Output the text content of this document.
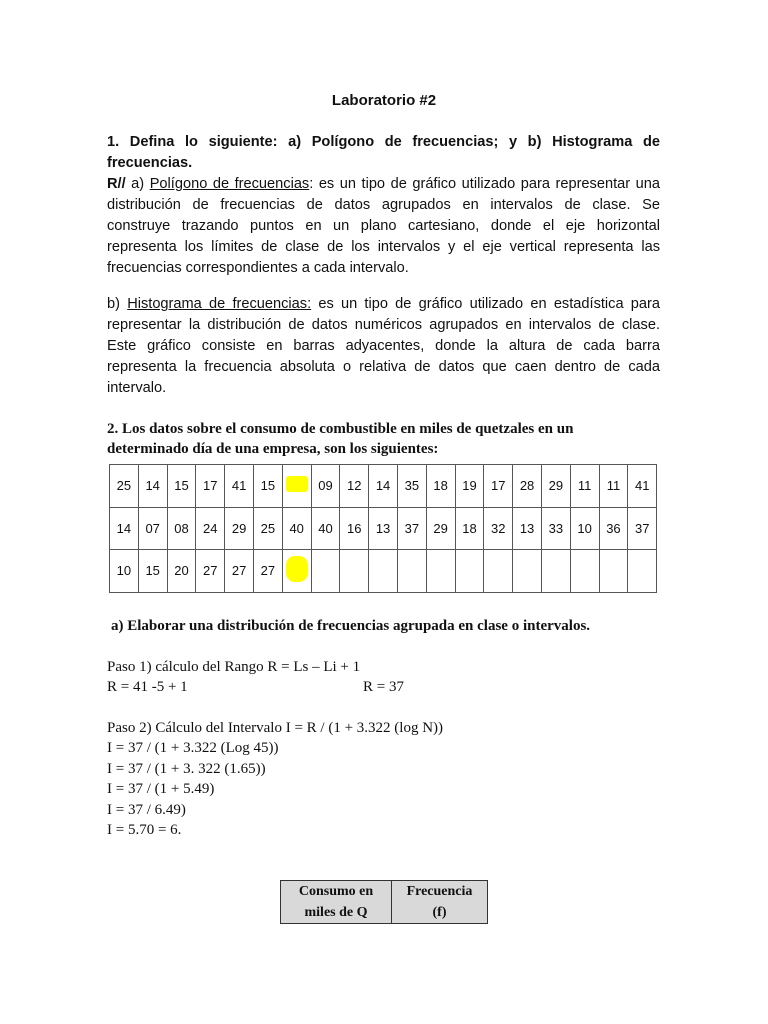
Laboratorio #2
1. Defina lo siguiente: a) Polígono de frecuencias; y b) Histograma de
frecuencias.
R// a) Polígono de frecuencias: es un tipo de gráfico utilizado para representar una
distribución de frecuencias de datos agrupados en intervalos de clase. Se
construye trazando puntos en un plano cartesiano, donde el eje horizontal
representa los límites de clase de los intervalos y el eje vertical representa las
frecuencias correspondientes a cada intervalo.
b) Histograma de frecuencias: es un tipo de gráfico utilizado en estadística para
representar la distribución de datos numéricos agrupados en intervalos de clase.
Este gráfico consiste en barras adyacentes, donde la altura de cada barra
representa la frecuencia absoluta o relativa de datos que caen dentro de cada
intervalo.
2. Los datos sobre el consumo de combustible en miles de quetzales en un
determinado día de una empresa, son los siguientes:
25	14	15	17	41	15		09	12	14	35	18	19	17	28	29	11	11	41
14	07	08	24	29	25	40	40	16	13	37	29	18	32	13	33	10	36	37
10	15	20	27	27	27													
a) Elaborar una distribución de frecuencias agrupada en clase o intervalos.
Paso 1) cálculo del Rango R = Ls – Li + 1
R = 41 -5 + 1	R = 37
Paso 2) Cálculo del Intervalo I = R / (1 + 3.322 (log N))
I = 37 / (1 + 3.322 (Log 45))
I = 37 / (1 + 3. 322 (1.65))
I = 37 / (1 + 5.49)
I = 37 / 6.49)
I = 5.70 = 6.
Consumo en
miles de Q

Frecuencia
(f)
